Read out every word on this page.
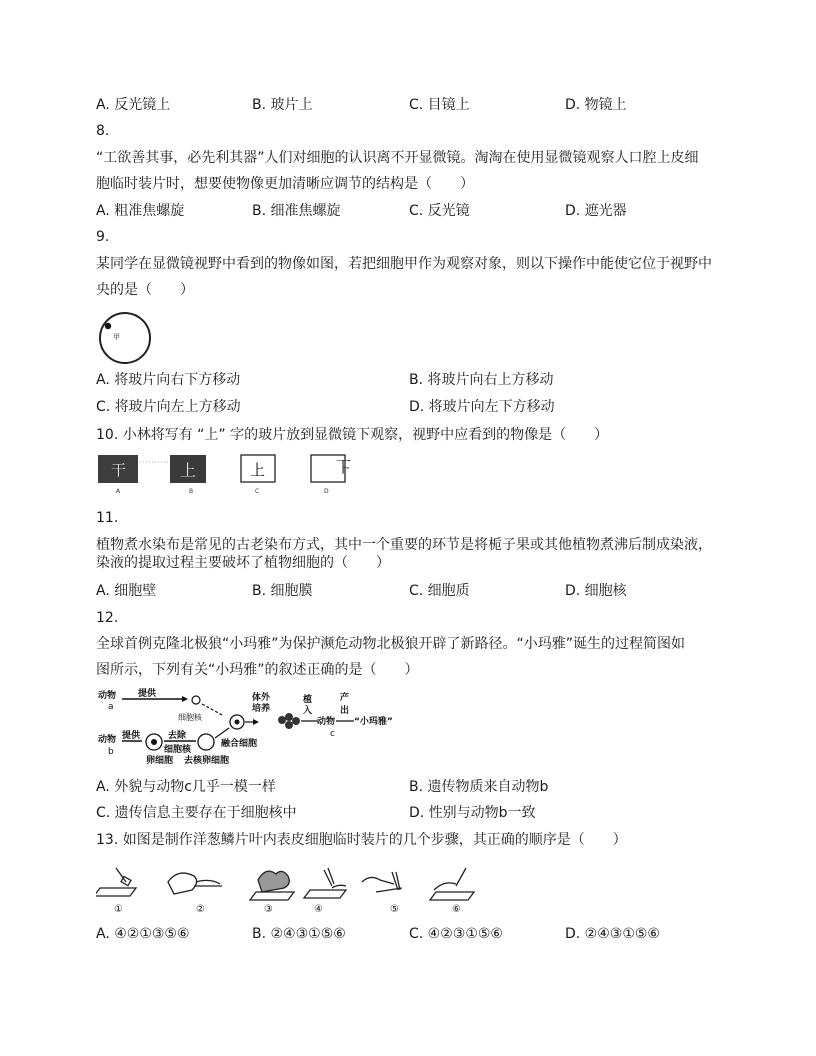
A. 反光镜上	B. 玻片上	C. 目镜上	D. 物镜上
8.
“工欲善其事，必先利其器”人们对细胞的认识离不开显微镜。淘淘在使用显微镜观察人口腔上皮细
胞临时装片时，想要使物像更加清晰应调节的结构是（　　）
A. 粗准焦螺旋	B. 细准焦螺旋	C. 反光镜	D. 遮光器
9.
某同学在显微镜视野中看到的物像如图，若把细胞甲作为观察对象，则以下操作中能使它位于视野中
央的是（　　）
甲
A. 将玻片向右下方移动	B. 将玻片向右上方移动
C. 将玻片向左上方移动	D. 将玻片向左下方移动
10. 小林将写有 “上” 字的玻片放到显微镜下观察，视野中应看到的物像是（　　）
干
A
上
B
上
C
上
D
11.
植物煮水染布是常见的古老染布方式，其中一个重要的环节是将栀子果或其他植物煮沸后制成染液，
染液的提取过程主要破坏了植物细胞的（　　）
A. 细胞壁	B. 细胞膜	C. 细胞质	D. 细胞核
12.
全球首例克隆北极狼“小玛雅”为保护濒危动物北极狼开辟了新路径。“小玛雅”诞生的过程简图如
图所示，下列有关“小玛雅”的叙述正确的是（　　）
动物
a
提供
细胞核
体外
培养
植
入
动物
c
产
出
“小玛雅”
动物
b
提供
卵细胞
去除
细胞核
去核卵细胞
融合细胞
A. 外貌与动物c几乎一模一样	B. 遗传物质来自动物b
C. 遗传信息主要存在于细胞核中	D. 性别与动物b一致
13. 如图是制作洋葱鳞片叶内表皮细胞临时装片的几个步骤，其正确的顺序是（　　）
①	②	③	④	⑤	⑥
A. ④②①③⑤⑥	B. ②④③①⑤⑥	C. ④②③①⑤⑥	D. ②④③①⑤⑥
